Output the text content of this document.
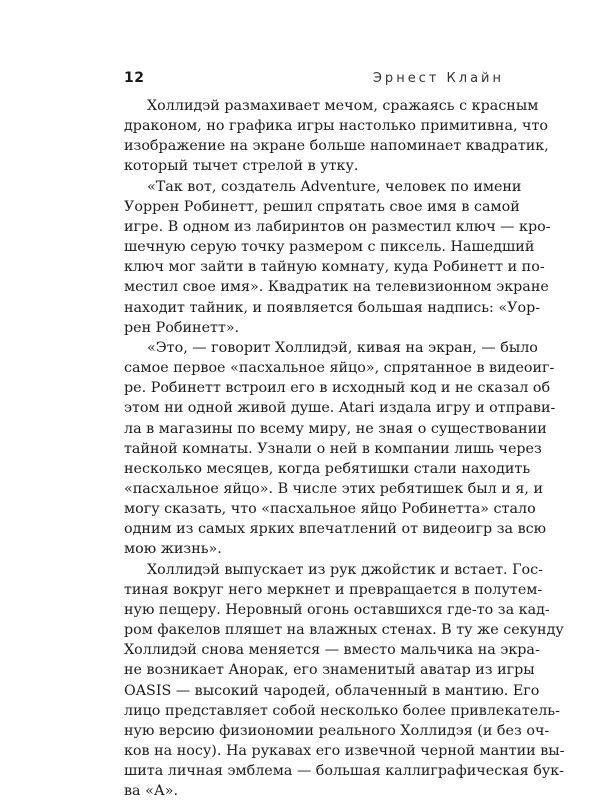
12	Эрнест Клайн
Холлидэй размахивает мечом, сражаясь с красным
драконом, но графика игры настолько примитивна, что
изображение на экране больше напоминает квадратик,
который тычет стрелой в утку.
«Так вот, создатель Adventure, человек по имени
Уоррен Робинетт, решил спрятать свое имя в самой
игре. В одном из лабиринтов он разместил ключ — кро-
шечную серую точку размером с пиксель. Нашедший
ключ мог зайти в тайную комнату, куда Робинетт и по-
местил свое имя». Квадратик на телевизионном экране
находит тайник, и появляется большая надпись: «Уор-
рен Робинетт».
«Это, — говорит Холлидэй, кивая на экран, — было
самое первое «пасхальное яйцо», спрятанное в видеоиг-
ре. Робинетт встроил его в исходный код и не сказал об
этом ни одной живой душе. Atari издала игру и отправи-
ла в магазины по всему миру, не зная о существовании
тайной комнаты. Узнали о ней в компании лишь через
несколько месяцев, когда ребятишки стали находить
«пасхальное яйцо». В числе этих ребятишек был и я, и
могу сказать, что «пасхальное яйцо Робинетта» стало
одним из самых ярких впечатлений от видеоигр за всю
мою жизнь».
Холлидэй выпускает из рук джойстик и встает. Гос-
тиная вокруг него меркнет и превращается в полутем-
ную пещеру. Неровный огонь оставшихся где-то за кад-
ром факелов пляшет на влажных стенах. В ту же секунду
Холлидэй снова меняется — вместо мальчика на экра-
не возникает Анорак, его знаменитый аватар из игры
OASIS — высокий чародей, облаченный в мантию. Его
лицо представляет собой несколько более привлекатель-
ную версию физиономии реального Холлидэя (и без оч-
ков на носу). На рукавах его извечной черной мантии вы-
шита личная эмблема — большая каллиграфическая бук-
ва «А».
